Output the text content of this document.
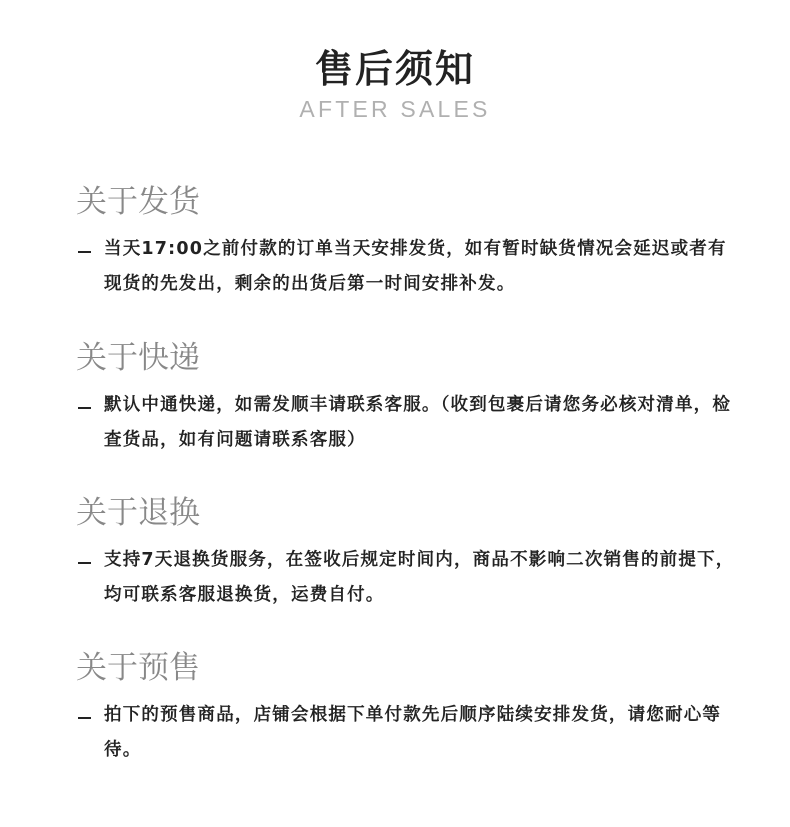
售后须知
AFTER SALES
关于发货
当天17:00之前付款的订单当天安排发货，如有暂时缺货情况会延迟或者有现货的先发出，剩余的出货后第一时间安排补发。
关于快递
默认中通快递，如需发顺丰请联系客服。（收到包裹后请您务必核对清单，检查货品，如有问题请联系客服）
关于退换
支持7天退换货服务，在签收后规定时间内，商品不影响二次销售的前提下，均可联系客服退换货，运费自付。
关于预售
拍下的预售商品，店铺会根据下单付款先后顺序陆续安排发货，请您耐心等待。
